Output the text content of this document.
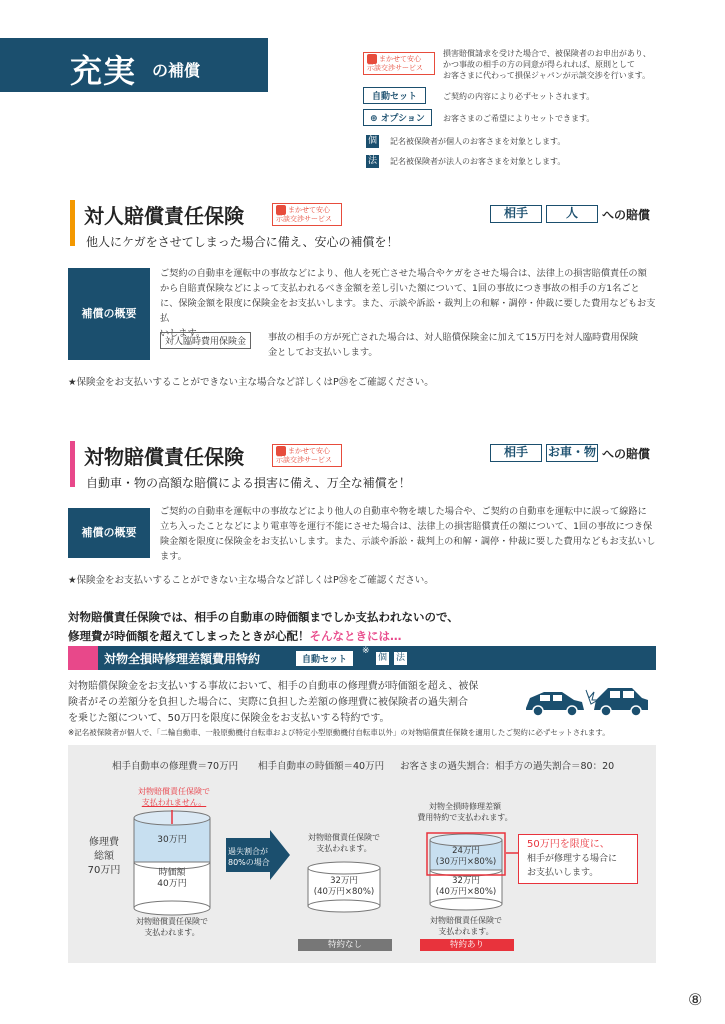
充実 の補償
まかせて安心
示談交渉サービス
損害賠償請求を受けた場合で、被保険者のお申出があり、
かつ事故の相手の方の同意が得られれば、原則として
お客さまに代わって損保ジャパンが示談交渉を行います。
自動セット	ご契約の内容により必ずセットされます。
⊕ オプション	お客さまのご希望によりセットできます。
個 記名被保険者が個人のお客さまを対象とします。
法 記名被保険者が法人のお客さまを対象とします。
対人賠償責任保険	まかせて安心
示談交渉サービス	相手	人	への賠償
他人にケガをさせてしまった場合に備え、安心の補償を！
補償の概要
ご契約の自動車を運転中の事故などにより、他人を死亡させた場合やケガをさせた場合は、法律上の損害賠償責任の額
から自賠責保険などによって支払われるべき金額を差し引いた額について、1回の事故につき事故の相手の方1名ごと
に、保険金額を限度に保険金をお支払いします。また、示談や訴訟・裁判上の和解・調停・仲裁に要した費用などもお支払
いします。
対人臨時費用保険金	事故の相手の方が死亡された場合は、対人賠償保険金に加えて15万円を対人臨時費用保険
金としてお支払いします。
★保険金をお支払いすることができない主な場合など詳しくはP㉘をご確認ください。
対物賠償責任保険	まかせて安心
示談交渉サービス
相手	お車・物 への賠償
自動車・物の高額な賠償による損害に備え、万全な補償を！
補償の概要
ご契約の自動車を運転中の事故などにより他人の自動車や物を壊した場合や、ご契約の自動車を運転中に誤って線路に
立ち入ったことなどにより電車等を運行不能にさせた場合は、法律上の損害賠償責任の額について、1回の事故につき保
険金額を限度に保険金をお支払いします。また、示談や訴訟・裁判上の和解・調停・仲裁に要した費用などもお支払いし
ます。
★保険金をお支払いすることができない主な場合など詳しくはP㉘をご確認ください。
対物賠償責任保険では、相手の自動車の時価額までしか支払われないので、
修理費が時価額を超えてしまったときが心配！そんなときには…
対物全損時修理差額費用特約	自動セット
※
個 法
対物賠償保険金をお支払いする事故において、相手の自動車の修理費が時価額を超え、被保
険者がその差額分を負担した場合に、実際に負担した差額の修理費に被保険者の過失割合
を乗じた額について、50万円を限度に保険金をお支払いする特約です。
※記名被保険者が個人で、「二輪自動車、一般原動機付自転車および特定小型原動機付自転車以外」の対物賠償責任保険を適用したご契約に必ずセットされます。
相手自動車の修理費＝70万円 相手自動車の時価額＝40万円 お客さまの過失割合：相手方の過失割合＝80：20
修理費
総額
70万円
対物賠償責任保険で
支払われません。
30万円
時価額
40万円
対物賠償責任保険で
支払われます。
過失割合が
80%の場合
対物賠償責任保険で
支払われます。
32万円
(40万円×80%)
特約なし
対物全損時修理差額
費用特約で支払われます。
24万円
(30万円×80%)
32万円
(40万円×80%)
対物賠償責任保険で
支払われます。
特約あり
50万円を限度に、
相手が修理する場合に
お支払いします。
⑧
